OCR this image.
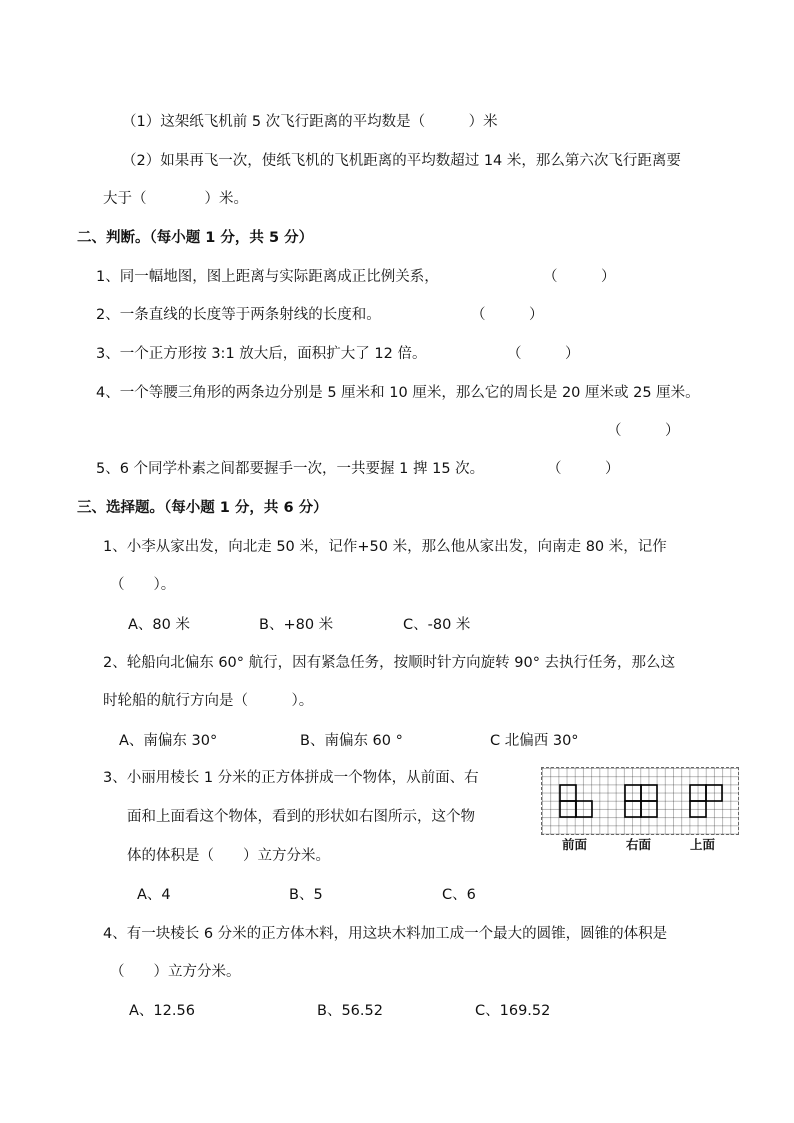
（1）这架纸飞机前 5 次飞行距离的平均数是（　　　）米
（2）如果再飞一次，使纸飞机的飞机距离的平均数超过 14 米，那么第六次飞行距离要
大于（　　　　）米。
二、判断。（每小题 1 分，共 5 分）
1、同一幅地图，图上距离与实际距离成正比例关系，	（　　　）
2、一条直线的长度等于两条射线的长度和。	（　　　）
3、一个正方形按 3:1 放大后，面积扩大了 12 倍。	（　　　）
4、一个等腰三角形的两条边分别是 5 厘米和 10 厘米，那么它的周长是 20 厘米或 25 厘米。
（　　　）
5、6 个同学朴素之间都要握手一次，一共要握 1 捭 15 次。	（　　　）
三、选择题。（每小题 1 分，共 6 分）
1、小李从家出发，向北走 50 米，记作+50 米，那么他从家出发，向南走 80 米，记作
（　　）。
A、80 米	B、+80 米	C、-80 米
2、轮船向北偏东 60° 航行，因有紧急任务，按顺时针方向旋转 90° 去执行任务，那么这
时轮船的航行方向是（　　　）。
A、南偏东 30°	B、南偏东 60 °	C 北偏西 30°
3、小丽用棱长 1 分米的正方体拼成一个物体，从前面、右
面和上面看这个物体，看到的形状如右图所示，这个物
体的体积是（　　）立方分米。
前面	右面	上面
A、4	B、5	C、6
4、有一块棱长 6 分米的正方体木料，用这块木料加工成一个最大的圆锥，圆锥的体积是
（　　）立方分米。
A、12.56	B、56.52	C、169.52
